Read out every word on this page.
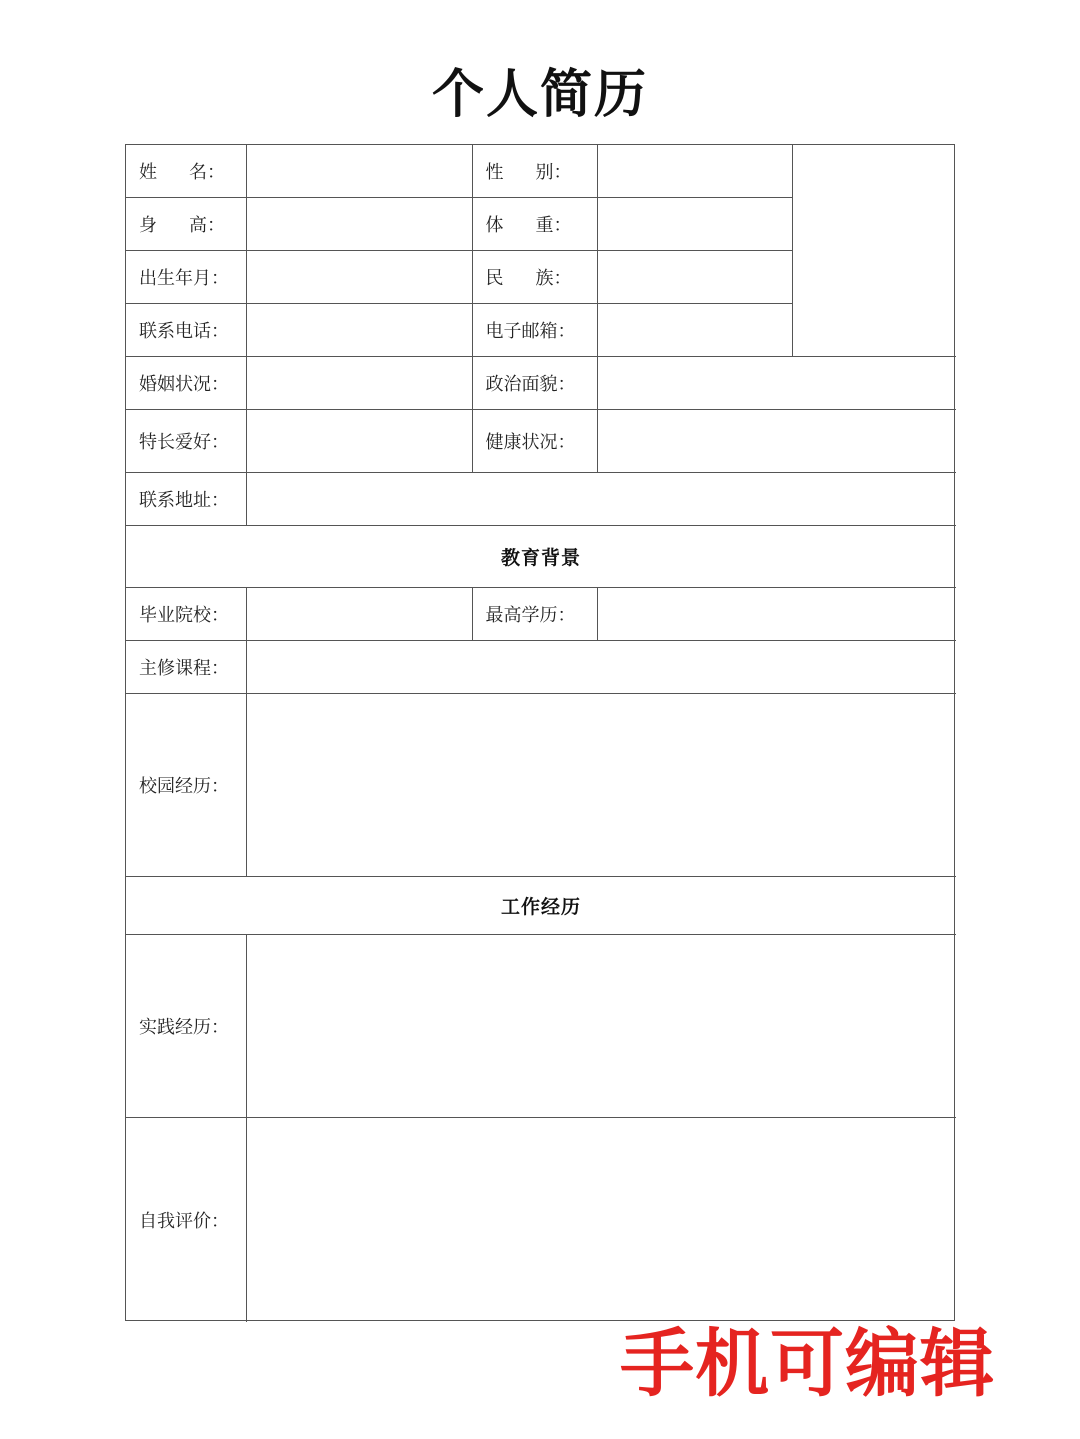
个人简历
姓 名：		性 别：		

身 高：		体 重：		

出生年月：		民 族：		

联系电话：		电子邮箱：		
婚姻状况：		政治面貌：		
特长爱好：		健康状况：		
联系地址：				
教育背景				
毕业院校：		最高学历：		
主修课程：				
校园经历：				
工作经历				
实践经历：				
自我评价：				
手机可编辑
